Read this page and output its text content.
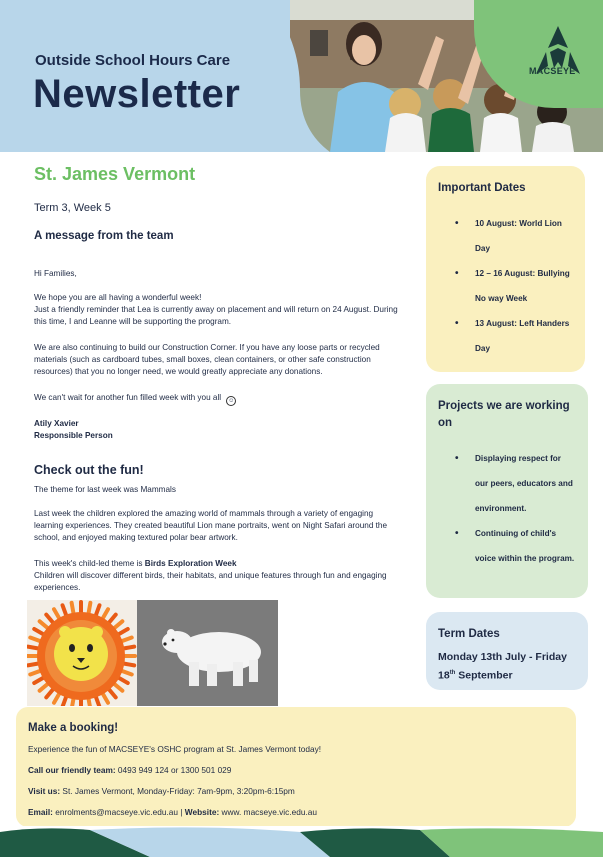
Outside School Hours Care
Newsletter
MACSEYE
St. James Vermont
Term 3, Week 5
A message from the team
Hi Families,
We hope you are all having a wonderful week!
Just a friendly reminder that Lea is currently away on placement and will return on 24 August. During this time, I and Leanne will be supporting the program.
We are also continuing to build our Construction Corner. If you have any loose parts or recycled materials (such as cardboard tubes, small boxes, clean containers, or other safe construction resources) that you no longer need, we would greatly appreciate any donations.
We can't wait for another fun filled week with you all ☺
Atily Xavier
Responsible Person
Check out the fun!
The theme for last week was Mammals
Last week the children explored the amazing world of mammals through a variety of engaging learning experiences. They created beautiful Lion mane portraits, went on Night Safari around the school, and enjoyed making textured polar bear artwork.
This week's child-led theme is Birds Exploration Week
Children will discover different birds, their habitats, and unique features through fun and engaging experiences.
Important Dates
• 10 August: World Lion Day
• 12 – 16 August: Bullying No way Week
• 13 August: Left Handers Day
Projects we are working on
• Displaying respect for our peers, educators and environment.
• Continuing of child's voice within the program.
Term Dates
Monday 13th July - Friday
18th September
Make a booking!
Experience the fun of MACSEYE's OSHC program at St. James Vermont today!
Call our friendly team: 0493 949 124 or 1300 501 029
Visit us: St. James Vermont, Monday-Friday: 7am-9pm, 3:20pm-6:15pm
Email: enrolments@macseye.vic.edu.au | Website: www. macseye.vic.edu.au
